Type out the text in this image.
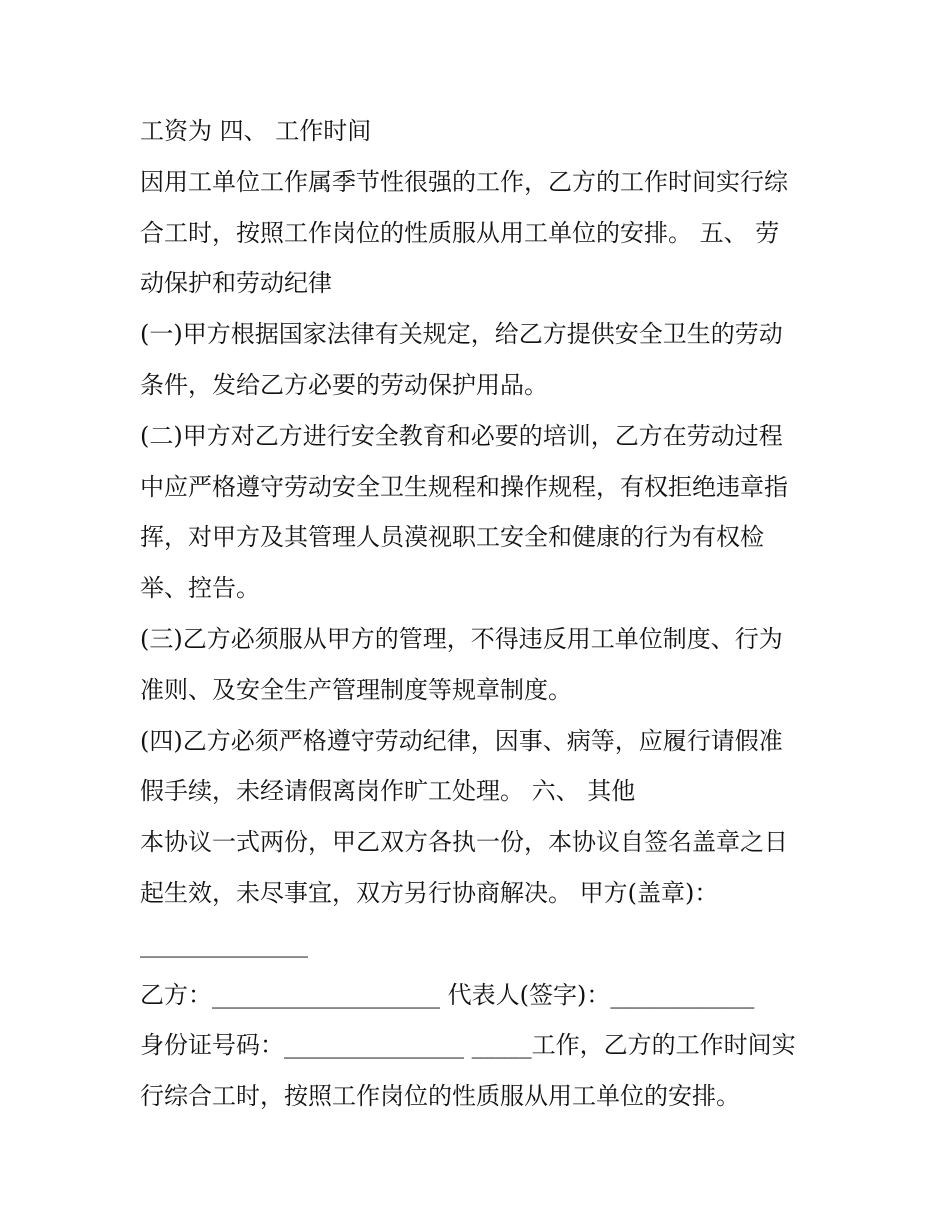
工资为 四、 工作时间
因用工单位工作属季节性很强的工作，乙方的工作时间实行综
合工时，按照工作岗位的性质服从用工单位的安排。 五、 劳
动保护和劳动纪律
(一)甲方根据国家法律有关规定，给乙方提供安全卫生的劳动
条件，发给乙方必要的劳动保护用品。
(二)甲方对乙方进行安全教育和必要的培训，乙方在劳动过程
中应严格遵守劳动安全卫生规程和操作规程，有权拒绝违章指
挥，对甲方及其管理人员漠视职工安全和健康的行为有权检
举、控告。
(三)乙方必须服从甲方的管理，不得违反用工单位制度、行为
准则、及安全生产管理制度等规章制度。
(四)乙方必须严格遵守劳动纪律，因事、病等，应履行请假准
假手续，未经请假离岗作旷工处理。 六、 其他
本协议一式两份，甲乙双方各执一份，本协议自签名盖章之日
起生效，未尽事宜，双方另行协商解决。 甲方(盖章)：
______________
乙方：___________________ 代表人(签字)：____________
身份证号码：_______________ _____工作，乙方的工作时间实
行综合工时，按照工作岗位的性质服从用工单位的安排。
